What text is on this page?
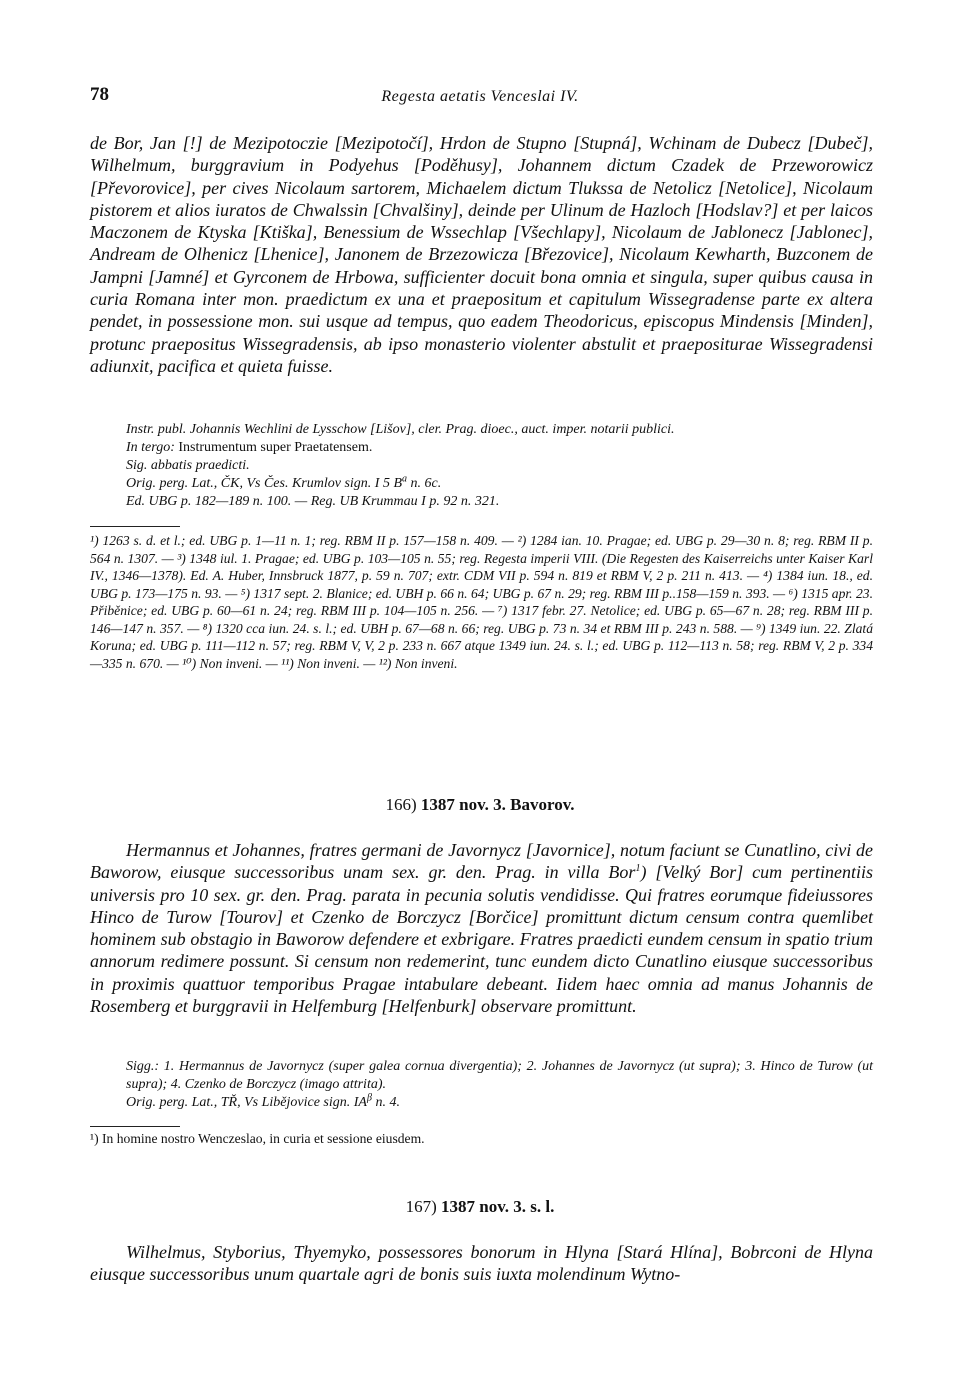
78	Regesta aetatis Venceslai IV.

de Bor, Jan [!] de Mezipotoczie [Mezipotočí], Hrdon de Stupno [Stupná], Wchinam de Dubecz [Dubeč], Wilhelmum, burggravium in Podyehus [Poděhusy], Johannem dictum Czadek de Przeworowicz [Převorovice], per cives Nicolaum sartorem, Michaelem dictum Tlukssa de Netolicz [Netolice], Nicolaum pistorem et alios iuratos de Chwalssin [Chvalšiny], deinde per Ulinum de Hazloch [Hodslav?] et per laicos Maczonem de Ktyska [Ktiška], Benessium de Wssechlap [Všechlapy], Nicolaum de Jablonecz [Jablonec], Andream de Olhenicz [Lhenice], Janonem de Brzezowicza [Březovice], Nicolaum Kewharth, Buzconem de Jampni [Jamné] et Gyrconem de Hrbowa, sufficienter docuit bona omnia et singula, super quibus causa in curia Romana inter mon. praedictum ex una et praepositum et capitulum Wissegradense parte ex altera pendet, in possessione mon. sui usque ad tempus, quo eadem Theodoricus, episcopus Mindensis [Minden], protunc praepositus Wissegradensis, ab ipso monasterio violenter abstulit et praepositurae Wissegradensi adiunxit, pacifica et quieta fuisse.

Instr. publ. Johannis Wechlini de Lysschow [Lišov], cler. Prag. dioec., auct. imper. notarii publici.
In tergo: Instrumentum super Praetatensem.
Sig. abbatis praedicti.
Orig. perg. Lat., ČK, Vs Čes. Krumlov sign. I 5 $B^a$ n. 6c.
Ed. UBG p. 182—189 n. 100. — Reg. UB Krummau I p. 92 n. 321.

¹) 1263 s. d. et l.; ed. UBG p. 1—11 n. 1; reg. RBM II p. 157—158 n. 409. — ²) 1284 ian. 10. Pragae; ed. UBG p. 29—30 n. 8; reg. RBM II p. 564 n. 1307. — ³) 1348 iul. 1. Pragae; ed. UBG p. 103—105 n. 55; reg. Regesta imperii VIII. (Die Regesten des Kaiserreichs unter Kaiser Karl IV., 1346—1378). Ed. A. Huber, Innsbruck 1877, p. 59 n. 707; extr. CDM VII p. 594 n. 819 et RBM V, 2 p. 211 n. 413. — ⁴) 1384 iun. 18., ed. UBG p. 173—175 n. 93. — ⁵) 1317 sept. 2. Blanice; ed. UBH p. 66 n. 64; UBG p. 67 n. 29; reg. RBM III p..158—159 n. 393. — ⁶) 1315 apr. 23. Přiběnice; ed. UBG p. 60—61 n. 24; reg. RBM III p. 104—105 n. 256. — ⁷) 1317 febr. 27. Netolice; ed. UBG p. 65—67 n. 28; reg. RBM III p. 146—147 n. 357. — ⁸) 1320 cca iun. 24. s. l.; ed. UBH p. 67—68 n. 66; reg. UBG p. 73 n. 34 et RBM III p. 243 n. 588. — ⁹) 1349 iun. 22. Zlatá Koruna; ed. UBG p. 111—112 n. 57; reg. RBM V, V, 2 p. 233 n. 667 atque 1349 iun. 24. s. l.; ed. UBG p. 112—113 n. 58; reg. RBM V, 2 p. 334—335 n. 670. — ¹⁰) Non inveni. — ¹¹) Non inveni. — ¹²) Non inveni.

166) 1387 nov. 3. Bavorov.

Hermannus et Johannes, fratres germani de Javornycz [Javornice], notum faciunt se Cunatlino, civi de Baworow, eiusque successoribus unam sex. gr. den. Prag. in villa Bor$^1$) [Velký Bor] cum pertinentiis universis pro 10 sex. gr. den. Prag. parata in pecunia solutis vendidisse. Qui fratres eorumque fideiussores Hinco de Turow [Tourov] et Czenko de Borczycz [Borčice] promittunt dictum censum contra quemlibet hominem sub obstagio in Baworow defendere et exbrigare. Fratres praedicti eundem censum in spatio trium annorum redimere possunt. Si censum non redemerint, tunc eundem dicto Cunatlino eiusque successoribus in proximis quattuor temporibus Pragae intabulare debeant. Iidem haec omnia ad manus Johannis de Rosemberg et burggravii in Helfemburg [Helfenburk] observare promittunt.

Sigg.: 1. Hermannus de Javornycz (super galea cornua divergentia); 2. Johannes de Javornycz (ut supra); 3. Hinco de Turow (ut supra); 4. Czenko de Borczycz (imago attrita).
Orig. perg. Lat., TŘ, Vs Libějovice sign. $IA^\beta$ n. 4.

¹) In homine nostro Wenczeslao, in curia et sessione eiusdem.

167) 1387 nov. 3. s. l.

Wilhelmus, Styborius, Thyemyko, possessores bonorum in Hlyna [Stará Hlína], Bobrconi de Hlyna eiusque successoribus unum quartale agri de bonis suis iuxta molendinum Wytno-
